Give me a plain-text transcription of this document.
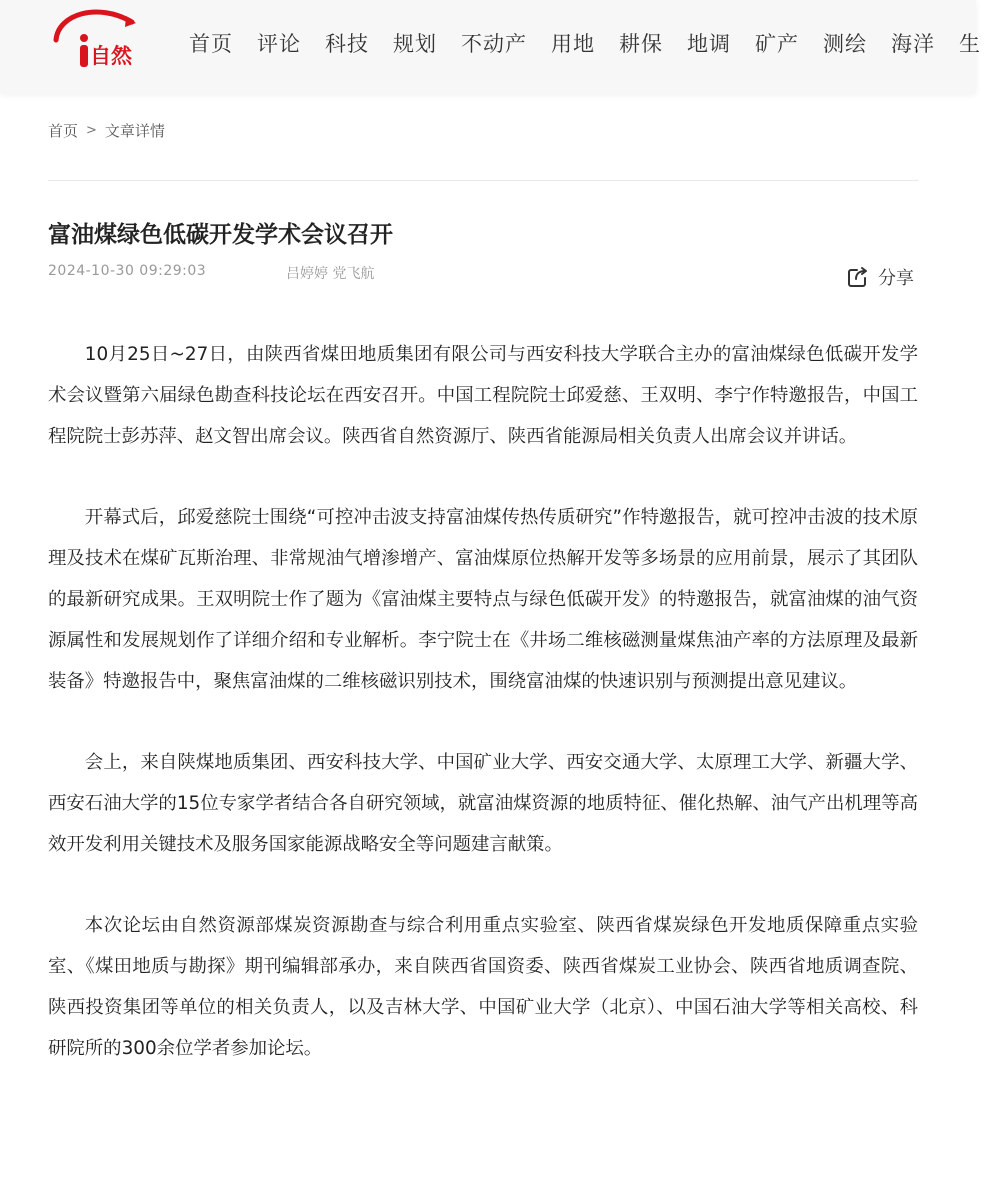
自然	首页 评论 科技 规划 不动产 用地 耕保 地调 矿产 测绘 海洋 生
首页 > 文章详情
富油煤绿色低碳开发学术会议召开
2024-10-30 09:29:03	吕婷婷 党飞航	分享

10月25日~27日，由陕西省煤田地质集团有限公司与西安科技大学联合主办的富油煤绿色低碳开发学术会议暨第六届绿色勘查科技论坛在西安召开。中国工程院院士邱爱慈、王双明、李宁作特邀报告，中国工程院院士彭苏萍、赵文智出席会议。陕西省自然资源厅、陕西省能源局相关负责人出席会议并讲话。

开幕式后，邱爱慈院士围绕“可控冲击波支持富油煤传热传质研究”作特邀报告，就可控冲击波的技术原理及技术在煤矿瓦斯治理、非常规油气增渗增产、富油煤原位热解开发等多场景的应用前景，展示了其团队的最新研究成果。王双明院士作了题为《富油煤主要特点与绿色低碳开发》的特邀报告，就富油煤的油气资源属性和发展规划作了详细介绍和专业解析。李宁院士在《井场二维核磁测量煤焦油产率的方法原理及最新装备》特邀报告中，聚焦富油煤的二维核磁识别技术，围绕富油煤的快速识别与预测提出意见建议。

会上，来自陕煤地质集团、西安科技大学、中国矿业大学、西安交通大学、太原理工大学、新疆大学、西安石油大学的15位专家学者结合各自研究领域，就富油煤资源的地质特征、催化热解、油气产出机理等高效开发利用关键技术及服务国家能源战略安全等问题建言献策。

本次论坛由自然资源部煤炭资源勘查与综合利用重点实验室、陕西省煤炭绿色开发地质保障重点实验室、《煤田地质与勘探》期刊编辑部承办，来自陕西省国资委、陕西省煤炭工业协会、陕西省地质调查院、陕西投资集团等单位的相关负责人，以及吉林大学、中国矿业大学（北京）、中国石油大学等相关高校、科研院所的300余位学者参加论坛。
